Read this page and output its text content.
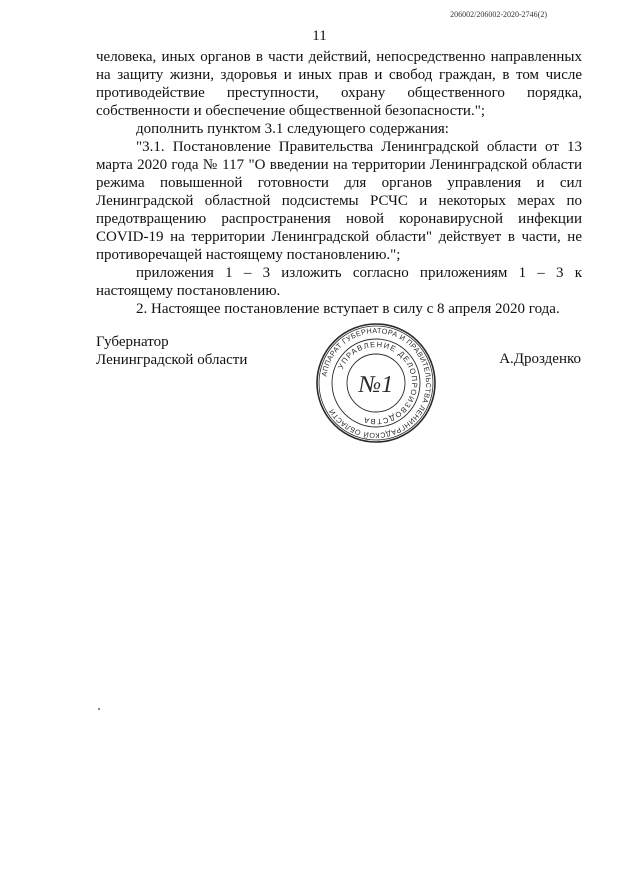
206002/206002-2020-2746(2)
11

человека, иных органов в части действий, непосредственно направленных на защиту жизни, здоровья и иных прав и свобод граждан, в том числе противодействие преступности, охрану общественного порядка, собственности и обеспечение общественной безопасности.";

дополнить пунктом 3.1 следующего содержания:

"3.1. Постановление Правительства Ленинградской области от 13 марта 2020 года № 117 "О введении на территории Ленинградской области режима повышенной готовности для органов управления и сил Ленинградской областной подсистемы РСЧС и некоторых мерах по предотвращению распространения новой коронавирусной инфекции COVID-19 на территории Ленинградской области" действует в части, не противоречащей настоящему постановлению.";

приложения 1 – 3 изложить согласно приложениям 1 – 3 к настоящему постановлению.

2. Настоящее постановление вступает в силу с 8 апреля 2020 года.

Губернатор
Ленинградской области	А.Дрозденко
АППАРАТ ГУБЕРНАТОРА И ПРАВИТЕЛЬСТВА ЛЕНИНГРАДСКОЙ ОБЛАСТИ
УПРАВЛЕНИЕ ДЕЛОПРОИЗВОДСТВА
№1
